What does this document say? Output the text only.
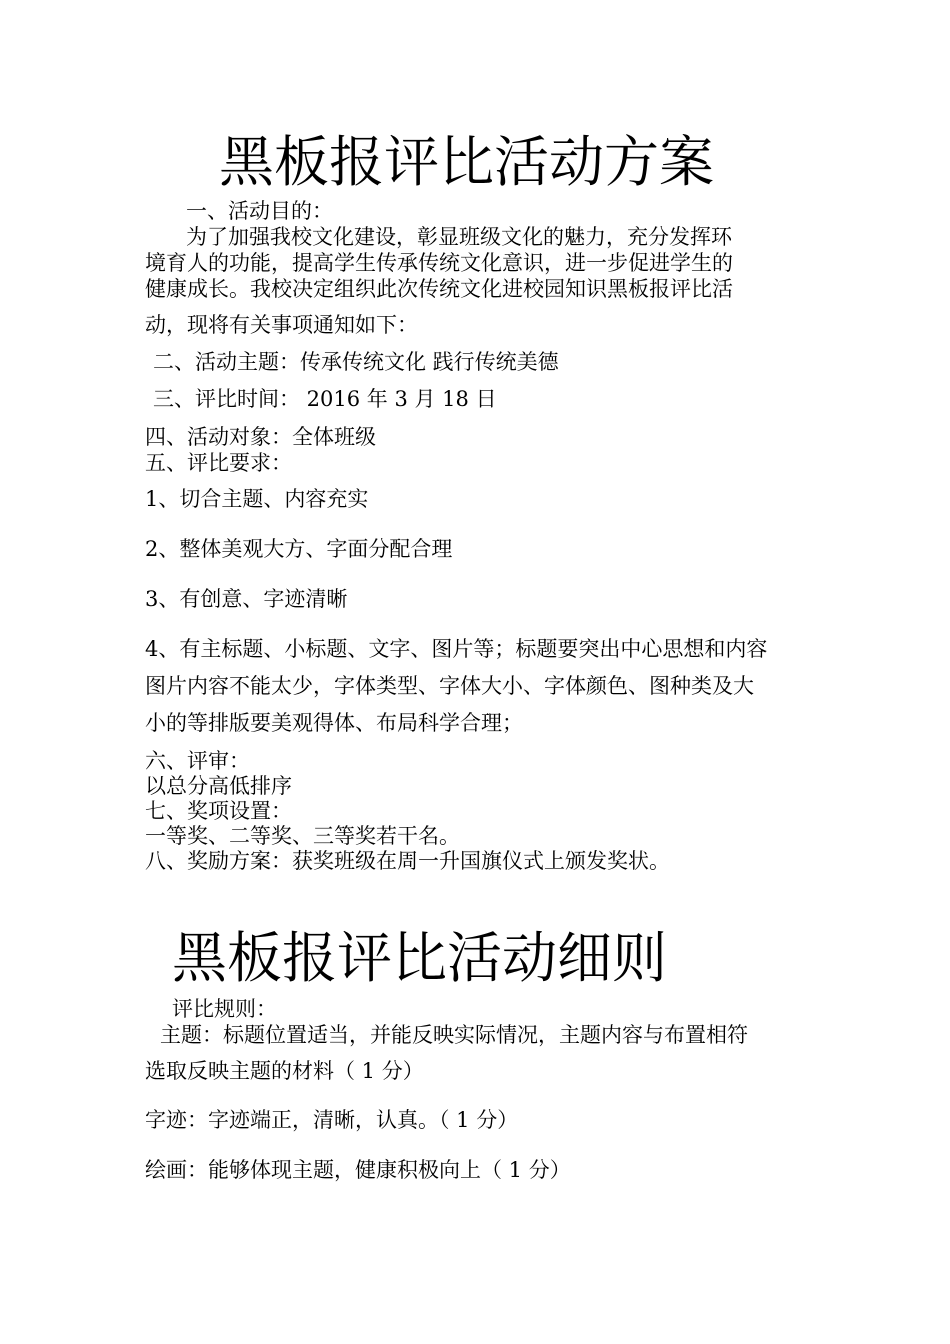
黑板报评比活动方案
一、活动目的：
为了加强我校文化建设，彰显班级文化的魅力，充分发挥环
境育人的功能，提高学生传承传统文化意识，进一步促进学生的
健康成长。我校决定组织此次传统文化进校园知识黑板报评比活
动，现将有关事项通知如下：
二、活动主题：传承传统文化 践行传统美德
三、评比时间： 2016 年 3 月 18 日
四、活动对象：全体班级
五、评比要求：
1、切合主题、内容充实
2、整体美观大方、字面分配合理
3、有创意、字迹清晰
4、有主标题、小标题、文字、图片等；标题要突出中心思想和内容
图片内容不能太少，字体类型、字体大小、字体颜色、图种类及大
小的等排版要美观得体、布局科学合理；
六、评审：
以总分高低排序
七、奖项设置：
一等奖、二等奖、三等奖若干名。
八、奖励方案：获奖班级在周一升国旗仪式上颁发奖状。
黑板报评比活动细则
评比规则：
主题：标题位置适当，并能反映实际情况，主题内容与布置相符
选取反映主题的材料（ 1 分）
字迹：字迹端正，清晰，认真。（ 1 分）
绘画：能够体现主题，健康积极向上（ 1 分）
